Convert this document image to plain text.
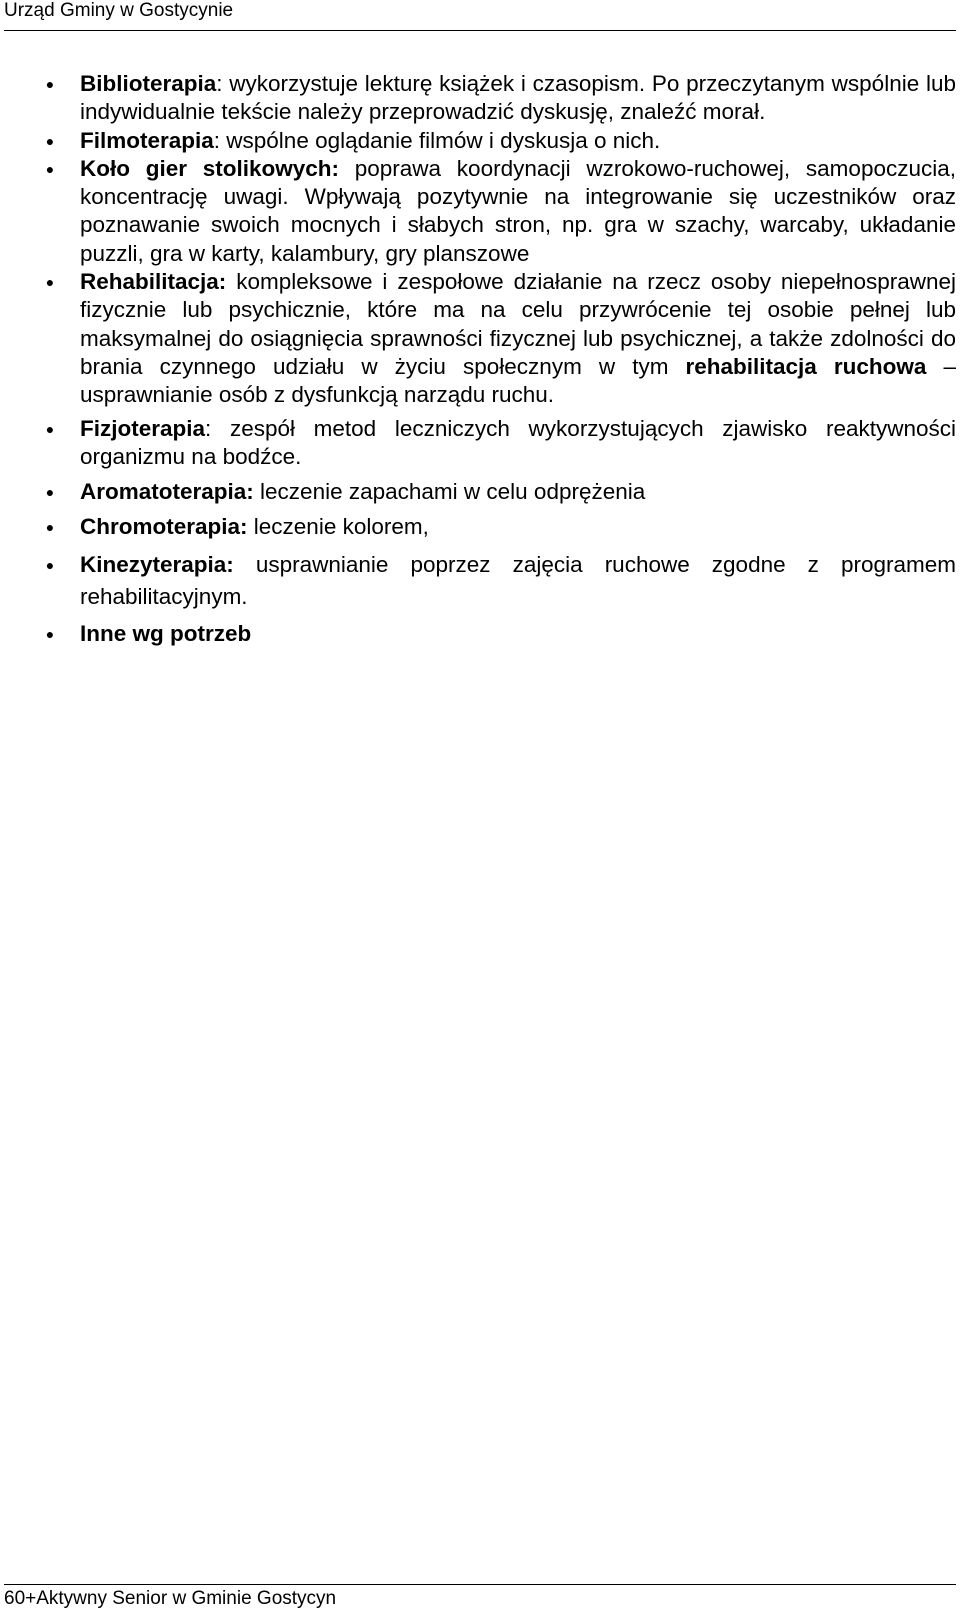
Urząd Gminy w Gostycynie
● Biblioterapia: wykorzystuje lekturę książek i czasopism. Po przeczytanym wspólnie lub indywidualnie tekście należy przeprowadzić dyskusję, znaleźć morał.
● Filmoterapia: wspólne oglądanie filmów i dyskusja o nich.
● Koło gier stolikowych: poprawa koordynacji wzrokowo-ruchowej, samopoczucia, koncentrację uwagi. Wpływają pozytywnie na integrowanie się uczestników oraz poznawanie swoich mocnych i słabych stron, np. gra w szachy, warcaby, układanie puzzli, gra w karty, kalambury, gry planszowe
● Rehabilitacja: kompleksowe i zespołowe działanie na rzecz osoby niepełnosprawnej fizycznie lub psychicznie, które ma na celu przywrócenie tej osobie pełnej lub maksymalnej do osiągnięcia sprawności fizycznej lub psychicznej, a także zdolności do brania czynnego udziału w życiu społecznym w tym rehabilitacja ruchowa – usprawnianie osób z dysfunkcją narządu ruchu.
● Fizjoterapia: zespół metod leczniczych wykorzystujących zjawisko reaktywności organizmu na bodźce.
● Aromatoterapia: leczenie zapachami w celu odprężenia
● Chromoterapia: leczenie kolorem,
● Kinezyterapia: usprawnianie poprzez zajęcia ruchowe zgodne z programem rehabilitacyjnym.
● Inne wg potrzeb
60+Aktywny Senior w Gminie Gostycyn
